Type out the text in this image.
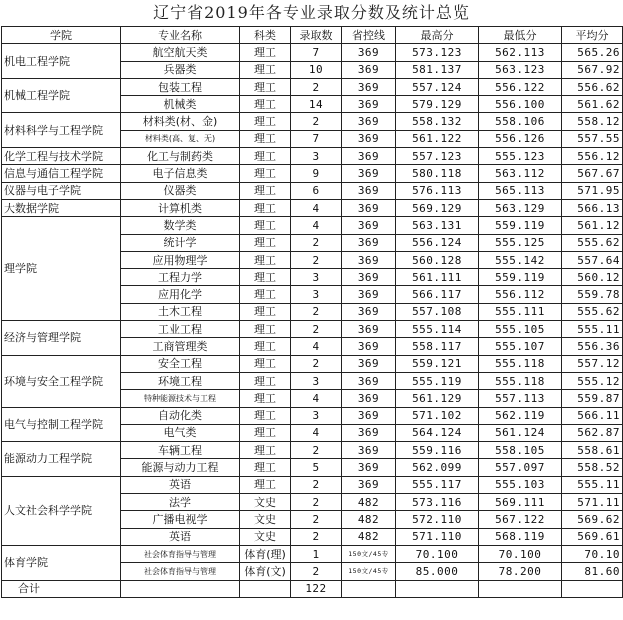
辽宁省2019年各专业录取分数及统计总览
学院	专业名称	科类	录取数	省控线	最高分	最低分	平均分
机电工程学院	航空航天类	理工	7	369	573.123	562.113	565.26
	兵器类	理工	10	369	581.137	563.123	567.92
机械工程学院	包装工程	理工	2	369	557.124	556.122	556.62
	机械类	理工	14	369	579.129	556.100	561.62
材料科学与工程学院	材料类(材、金)	理工	2	369	558.132	558.106	558.12
	材料类(高、复、无)	理工	7	369	561.122	556.126	557.55
化学工程与技术学院	化工与制药类	理工	3	369	557.123	555.123	556.12
信息与通信工程学院	电子信息类	理工	9	369	580.118	563.112	567.67
仪器与电子学院	仪器类	理工	6	369	576.113	565.113	571.95
大数据学院	计算机类	理工	4	369	569.129	563.129	566.13
理学院	数学类	理工	4	369	563.131	559.119	561.12
	统计学	理工	2	369	556.124	555.125	555.62
	应用物理学	理工	2	369	560.128	555.142	557.64
	工程力学	理工	3	369	561.111	559.119	560.12
	应用化学	理工	3	369	566.117	556.112	559.78
	土木工程	理工	2	369	557.108	555.111	555.62
经济与管理学院	工业工程	理工	2	369	555.114	555.105	555.11
	工商管理类	理工	4	369	558.117	555.107	556.36
环境与安全工程学院	安全工程	理工	2	369	559.121	555.118	557.12
	环境工程	理工	3	369	555.119	555.118	555.12
	特种能源技术与工程	理工	4	369	561.129	557.113	559.87
电气与控制工程学院	自动化类	理工	3	369	571.102	562.119	566.11
	电气类	理工	4	369	564.124	561.124	562.87
能源动力工程学院	车辆工程	理工	2	369	559.116	558.105	558.61
	能源与动力工程	理工	5	369	562.099	557.097	558.52
人文社会科学学院	英语	理工	2	369	555.117	555.103	555.11
	法学	文史	2	482	573.116	569.111	571.11
	广播电视学	文史	2	482	572.110	567.122	569.62
	英语	文史	2	482	571.110	568.119	569.61
体育学院	社会体育指导与管理	体育(理)	1	150文/45专	70.100	70.100	70.10
	社会体育指导与管理	体育(文)	2	150文/45专	85.000	78.200	81.60
合计			122				
